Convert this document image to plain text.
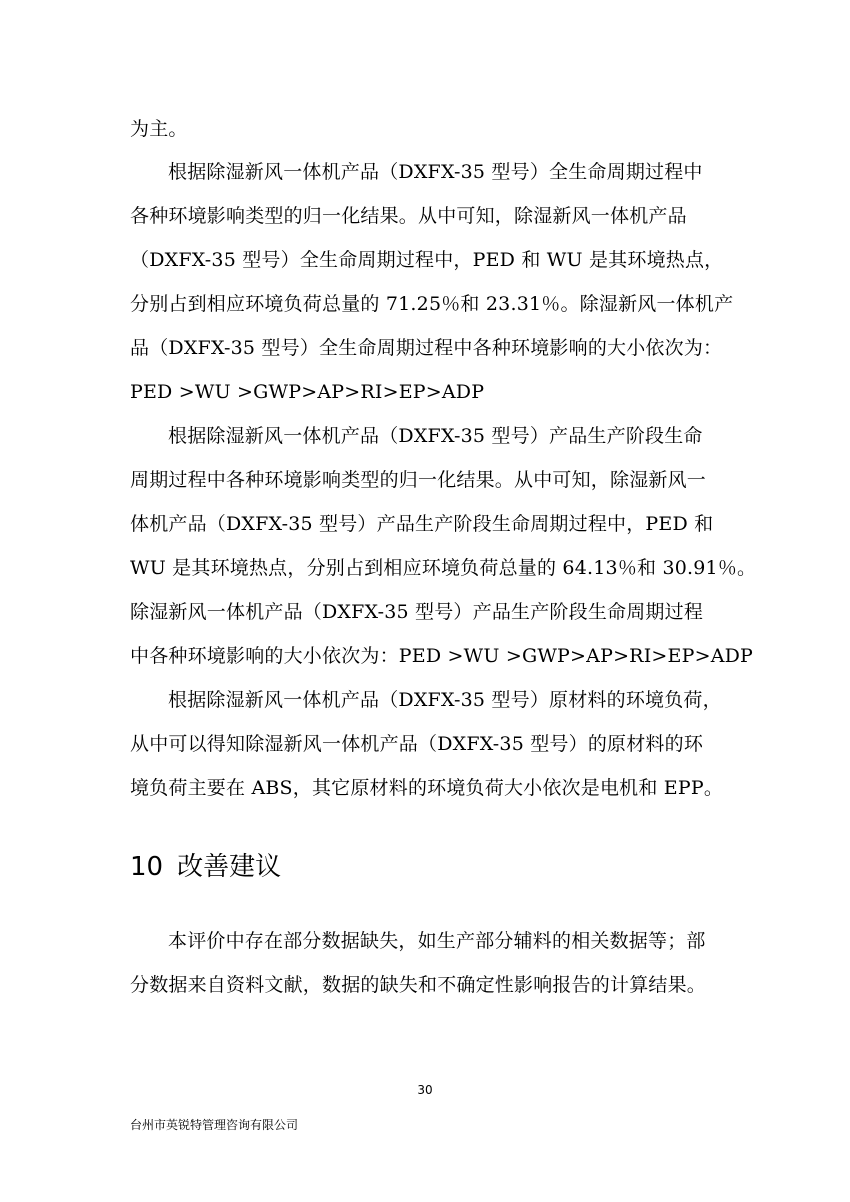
为主。
根据除湿新风一体机产品（DXFX-35 型号）全生命周期过程中
各种环境影响类型的归一化结果。从中可知，除湿新风一体机产品
（DXFX-35 型号）全生命周期过程中，PED 和 WU 是其环境热点，
分别占到相应环境负荷总量的 71.25％和 23.31％。除湿新风一体机产
品（DXFX-35 型号）全生命周期过程中各种环境影响的大小依次为：
PED >WU >GWP>AP>RI>EP>ADP
根据除湿新风一体机产品（DXFX-35 型号）产品生产阶段生命
周期过程中各种环境影响类型的归一化结果。从中可知，除湿新风一
体机产品（DXFX-35 型号）产品生产阶段生命周期过程中，PED 和
WU 是其环境热点，分别占到相应环境负荷总量的 64.13％和 30.91％。
除湿新风一体机产品（DXFX-35 型号）产品生产阶段生命周期过程
中各种环境影响的大小依次为：PED >WU >GWP>AP>RI>EP>ADP
根据除湿新风一体机产品（DXFX-35 型号）原材料的环境负荷，
从中可以得知除湿新风一体机产品（DXFX-35 型号）的原材料的环
境负荷主要在 ABS，其它原材料的环境负荷大小依次是电机和 EPP。
10 改善建议
本评价中存在部分数据缺失，如生产部分辅料的相关数据等；部
分数据来自资料文献，数据的缺失和不确定性影响报告的计算结果。
30
台州市英锐特管理咨询有限公司
